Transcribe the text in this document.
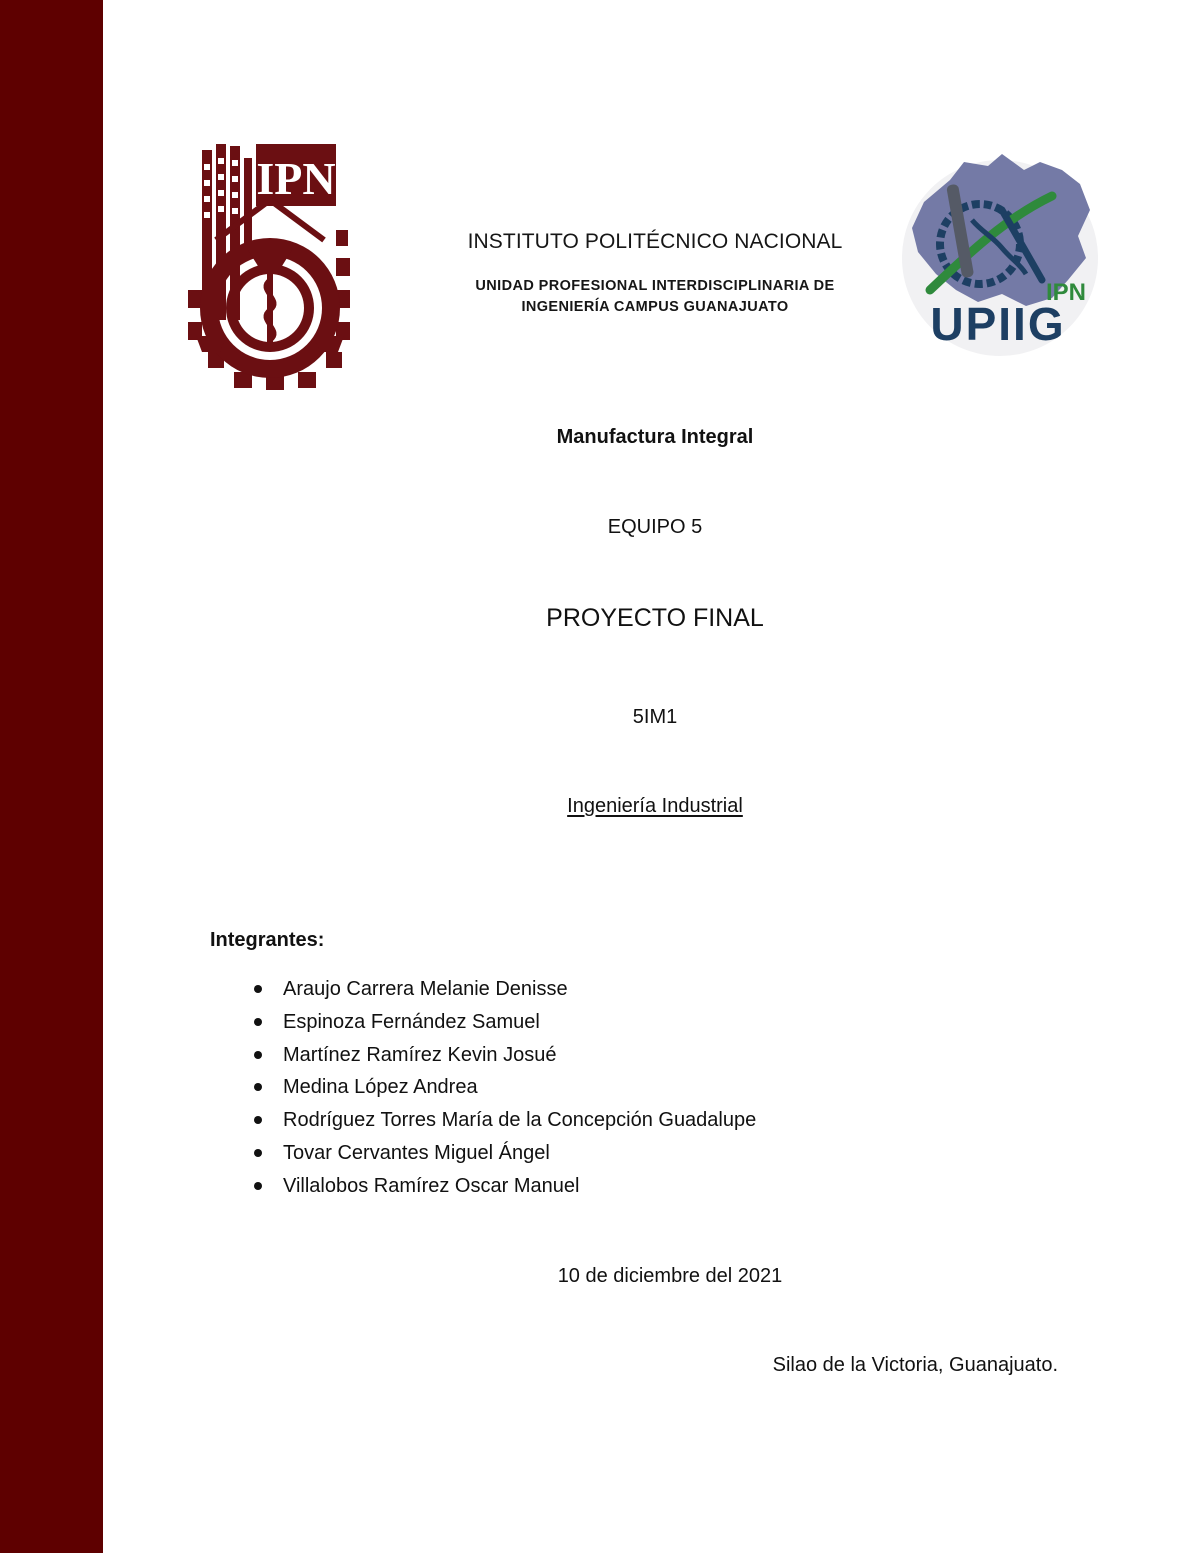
IPN
IPN
UPIIG

INSTITUTO POLITÉCNICO NACIONAL

UNIDAD PROFESIONAL INTERDISCIPLINARIA DE
INGENIERÍA CAMPUS GUANAJUATO

Manufactura Integral

EQUIPO 5

PROYECTO FINAL

5IM1

Ingeniería Industrial

Integrantes:

Araujo Carrera Melanie Denisse
Espinoza Fernández Samuel
Martínez Ramírez Kevin Josué
Medina López Andrea
Rodríguez Torres María de la Concepción Guadalupe
Tovar Cervantes Miguel Ángel
Villalobos Ramírez Oscar Manuel

10 de diciembre del 2021

Silao de la Victoria, Guanajuato.
